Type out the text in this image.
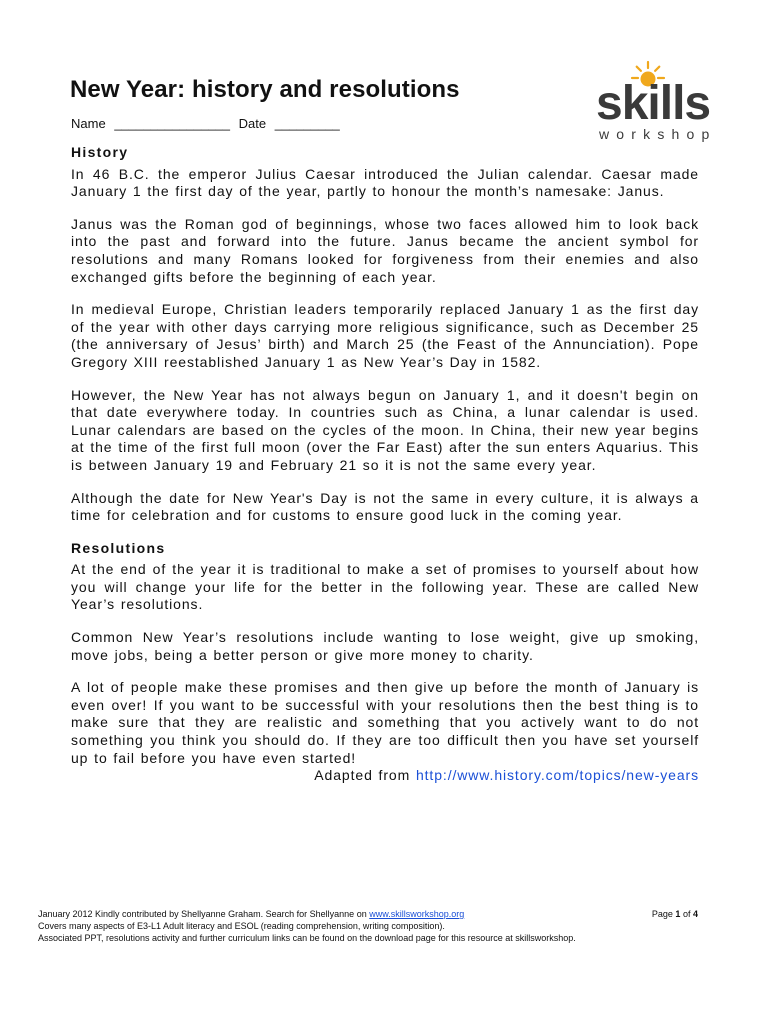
New Year: history and resolutions
Name ________________ Date _________	skills
workshop
History

In 46 B.C. the emperor Julius Caesar introduced the Julian calendar. Caesar made January 1 the first day of the year, partly to honour the month’s namesake: Janus.

Janus was the Roman god of beginnings, whose two faces allowed him to look back into the past and forward into the future. Janus became the ancient symbol for resolutions and many Romans looked for forgiveness from their enemies and also exchanged gifts before the beginning of each year.

In medieval Europe, Christian leaders temporarily replaced January 1 as the first day of the year with other days carrying more religious significance, such as December 25 (the anniversary of Jesus’ birth) and March 25 (the Feast of the Annunciation). Pope Gregory XIII reestablished January 1 as New Year’s Day in 1582.

However, the New Year has not always begun on January 1, and it doesn't begin on that date everywhere today. In countries such as China, a lunar calendar is used. Lunar calendars are based on the cycles of the moon. In China, their new year begins at the time of the first full moon (over the Far East) after the sun enters Aquarius. This is between January 19 and February 21 so it is not the same every year.

Although the date for New Year's Day is not the same in every culture, it is always a time for celebration and for customs to ensure good luck in the coming year.

Resolutions

At the end of the year it is traditional to make a set of promises to yourself about how you will change your life for the better in the following year. These are called New Year’s resolutions.

Common New Year’s resolutions include wanting to lose weight, give up smoking, move jobs, being a better person or give more money to charity.

A lot of people make these promises and then give up before the month of January is even over! If you want to be successful with your resolutions then the best thing is to make sure that they are realistic and something that you actively want to do not something you think you should do. If they are too difficult then you have set yourself up to fail before you have even started!

Adapted from http://www.history.com/topics/new-years
January 2012 Kindly contributed by Shellyanne Graham. Search for Shellyanne on www.skillsworkshop.org	Page 1 of 4
Covers many aspects of E3-L1 Adult literacy and ESOL (reading comprehension, writing composition).
Associated PPT, resolutions activity and further curriculum links can be found on the download page for this resource at skillsworkshop.
